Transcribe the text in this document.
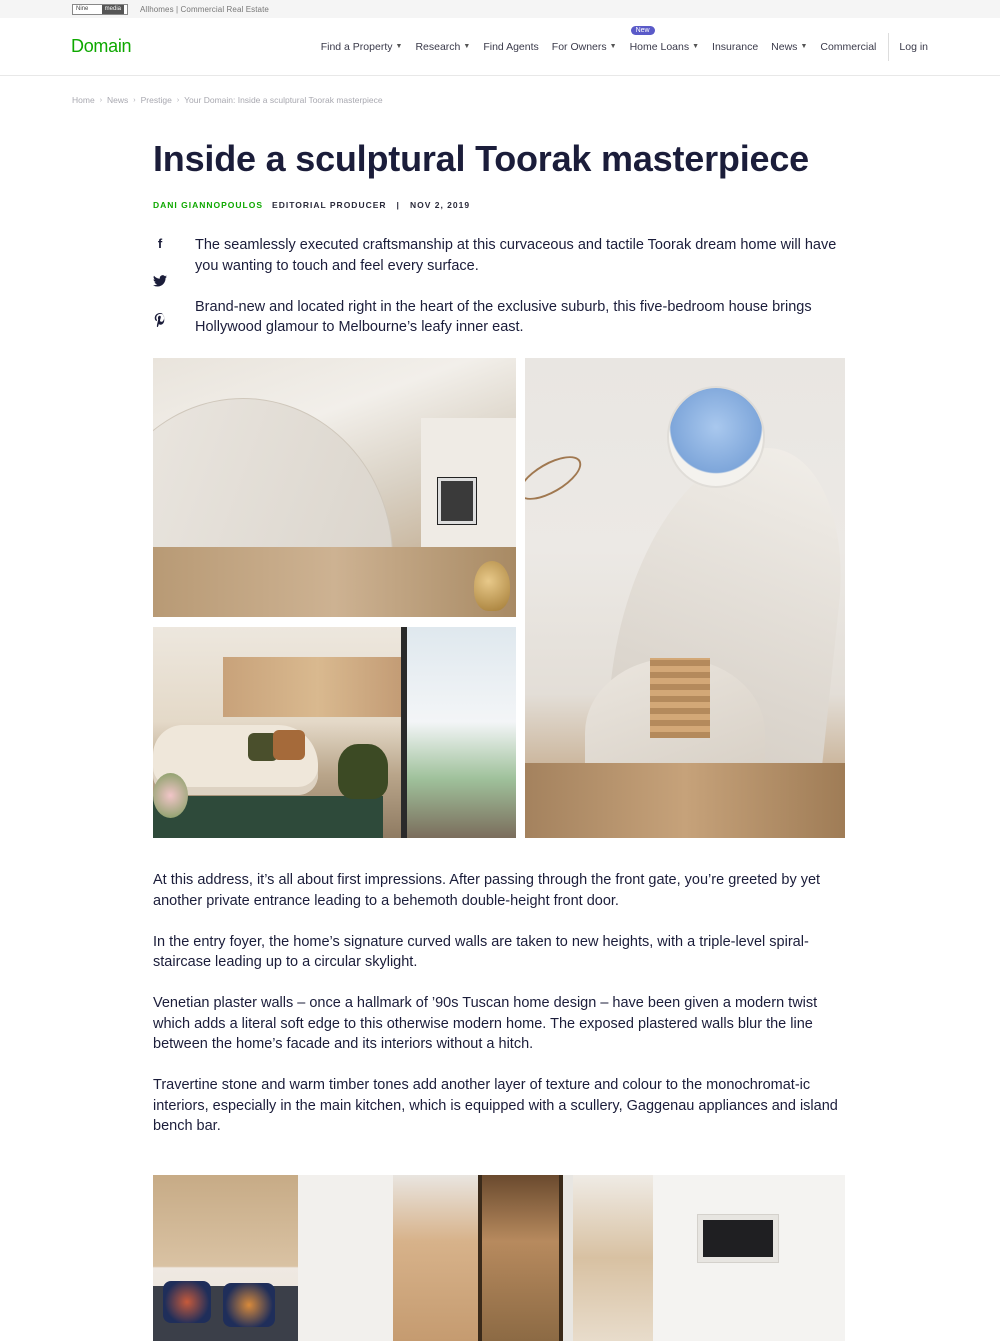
Nine	media	Allhomes | Commercial Real Estate
Domain	Find a Property ▼ Research ▼ Find Agents For Owners ▼
New
Home Loans ▼ Insurance News ▼ Commercial Log in
Home › News › Prestige › Your Domain: Inside a sculptural Toorak masterpiece
Inside a sculptural Toorak masterpiece
DANI GIANNOPOULOS EDITORIAL PRODUCER | NOV 2, 2019
f	The seamlessly executed craftsmanship at this curvaceous and tactile Toorak dream home will have you wanting to touch and feel every surface.

Brand-new and located right in the heart of the exclusive suburb, this five-bedroom house brings Hollywood glamour to Melbourne’s leafy inner east.

At this address, it’s all about first impressions. After passing through the front gate, you’re greeted by yet another private entrance leading to a behemoth double-height front door.

In the entry foyer, the home’s signature curved walls are taken to new heights, with a triple-level spiral-staircase leading up to a circular skylight.

Venetian plaster walls – once a hallmark of ’90s Tuscan home design – have been given a modern twist which adds a literal soft edge to this otherwise modern home. The exposed plastered walls blur the line between the home’s facade and its interiors without a hitch.

Travertine stone and warm timber tones add another layer of texture and colour to the monochromat-ic interiors, especially in the main kitchen, which is equipped with a scullery, Gaggenau appliances and island bench bar.
